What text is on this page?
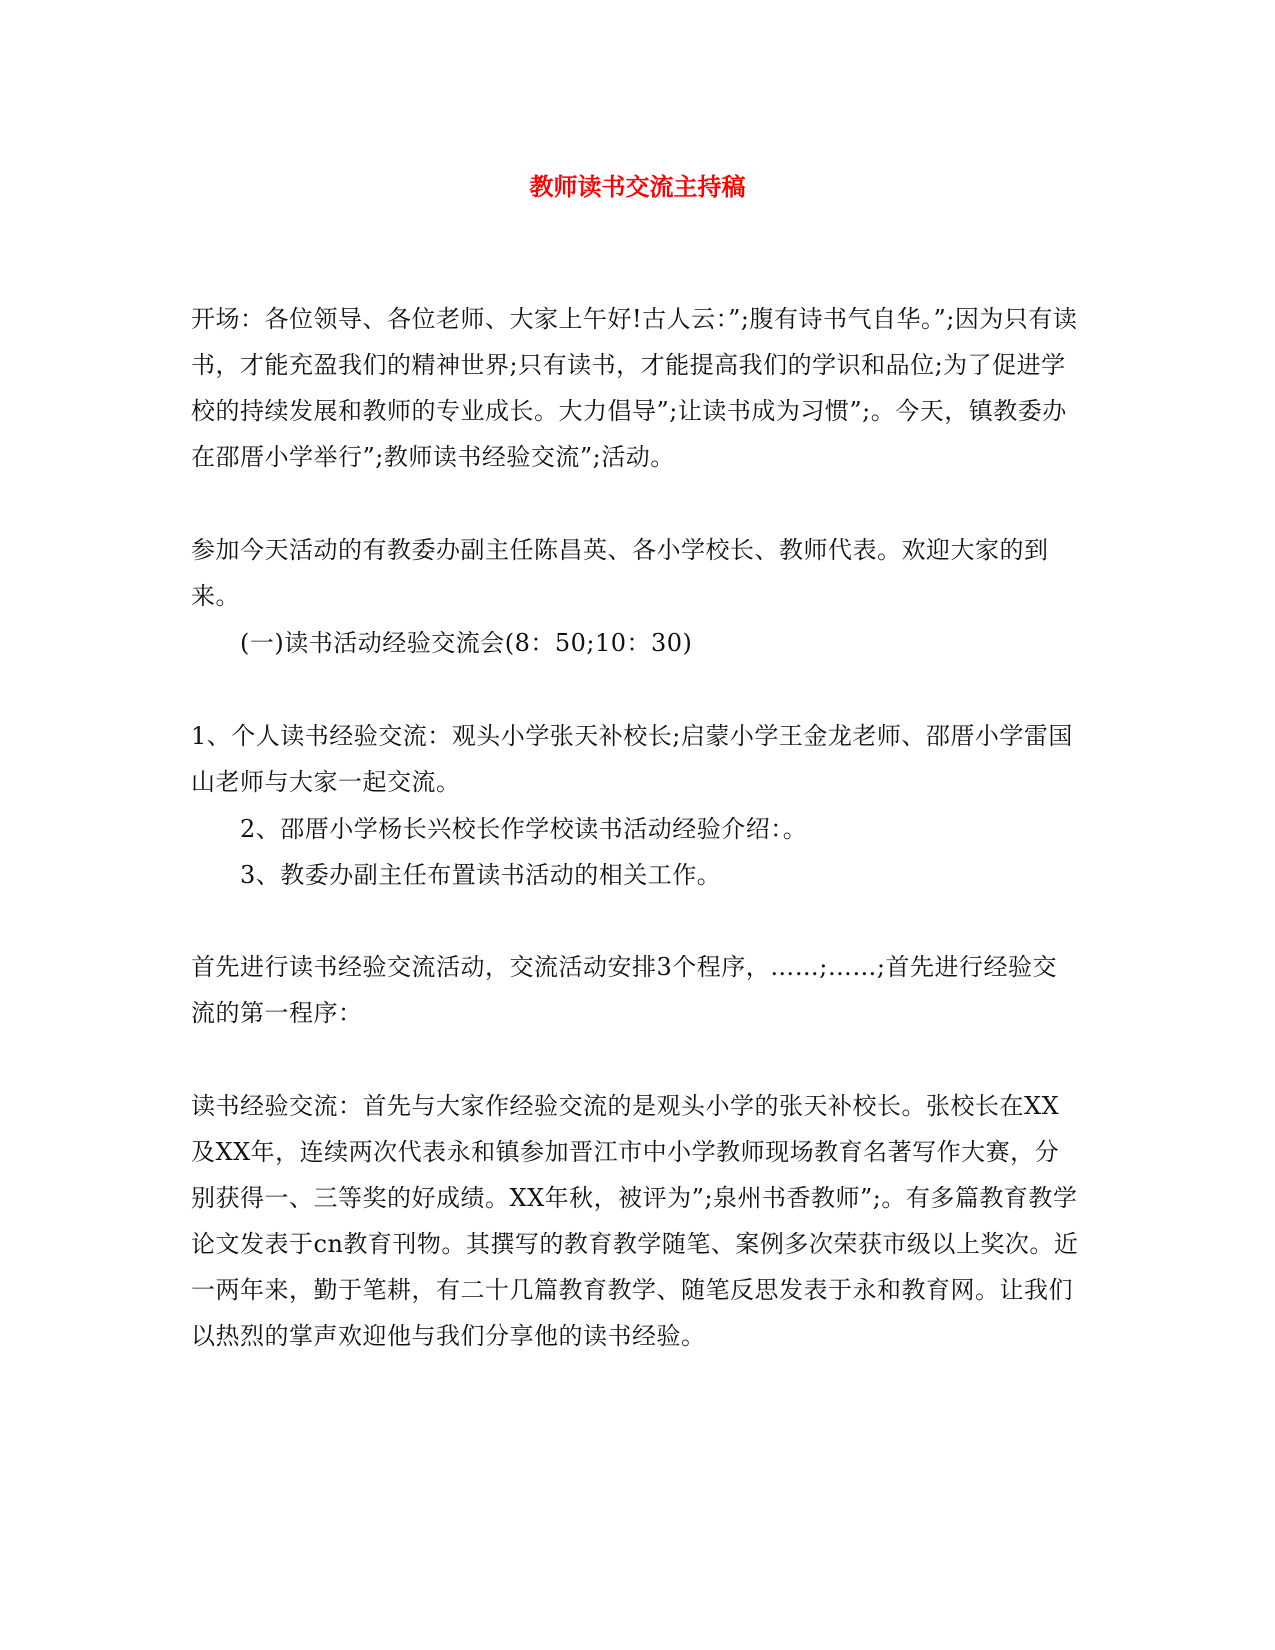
教师读书交流主持稿

开场：各位领导、各位老师、大家上午好!古人云：”;腹有诗书气自华。”;因为只有读书，才能充盈我们的精神世界;只有读书，才能提高我们的学识和品位;为了促进学校的持续发展和教师的专业成长。大力倡导”;让读书成为习惯”;。今天，镇教委办在邵厝小学举行”;教师读书经验交流”;活动。

参加今天活动的有教委办副主任陈昌英、各小学校长、教师代表。欢迎大家的到来。

(一)读书活动经验交流会(8：50;10：30)

1、个人读书经验交流：观头小学张天补校长;启蒙小学王金龙老师、邵厝小学雷国山老师与大家一起交流。

2、邵厝小学杨长兴校长作学校读书活动经验介绍：。

3、教委办副主任布置读书活动的相关工作。

首先进行读书经验交流活动，交流活动安排3个程序，……;……;首先进行经验交流的第一程序：

读书经验交流：首先与大家作经验交流的是观头小学的张天补校长。张校长在XX及XX年，连续两次代表永和镇参加晋江市中小学教师现场教育名著写作大赛，分别获得一、三等奖的好成绩。XX年秋，被评为”;泉州书香教师”;。有多篇教育教学论文发表于cn教育刊物。其撰写的教育教学随笔、案例多次荣获市级以上奖次。近一两年来，勤于笔耕，有二十几篇教育教学、随笔反思发表于永和教育网。让我们以热烈的掌声欢迎他与我们分享他的读书经验。
